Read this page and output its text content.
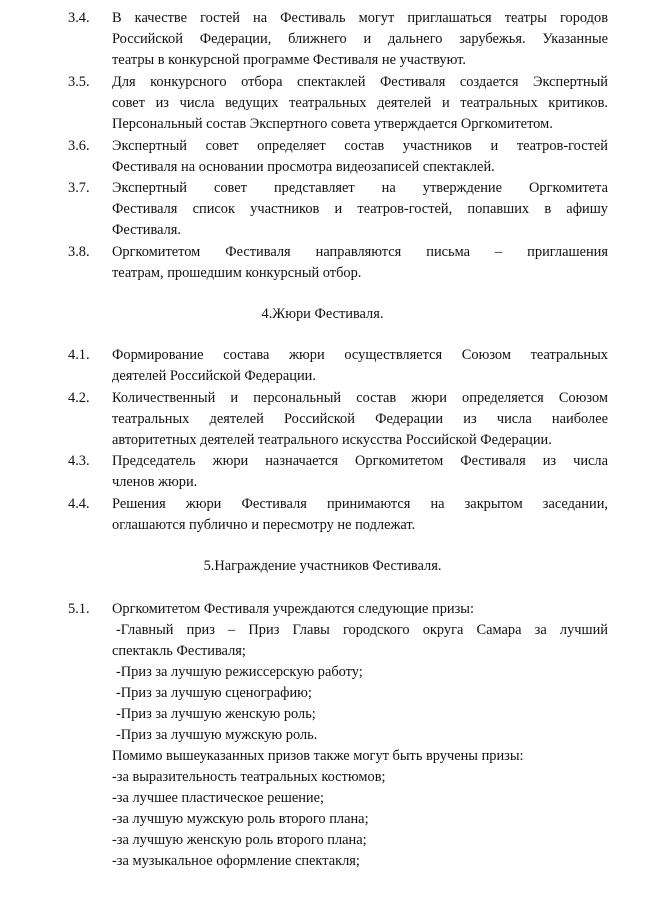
3.4.	В качестве гостей на Фестиваль могут приглашаться театры городов
Российской Федерации, ближнего и дальнего зарубежья. Указанные
театры в конкурсной программе Фестиваля не участвуют.
3.5.	Для конкурсного отбора спектаклей Фестиваля создается Экспертный
совет из числа ведущих театральных деятелей и театральных критиков.
Персональный состав Экспертного совета утверждается Оргкомитетом.
3.6.	Экспертный совет определяет состав участников и театров-гостей
Фестиваля на основании просмотра видеозаписей спектаклей.
3.7.	Экспертный совет представляет на утверждение Оргкомитета
Фестиваля список участников и театров-гостей, попавших в афишу
Фестиваля.
3.8.	Оргкомитетом Фестиваля направляются письма – приглашения
театрам, прошедшим конкурсный отбор.
4.Жюри Фестиваля.
4.1.	Формирование состава жюри осуществляется Союзом театральных
деятелей Российской Федерации.
4.2.	Количественный и персональный состав жюри определяется Союзом
театральных деятелей Российской Федерации из числа наиболее
авторитетных деятелей театрального искусства Российской Федерации.
4.3.	Председатель жюри назначается Оргкомитетом Фестиваля из числа
членов жюри.
4.4.	Решения жюри Фестиваля принимаются на закрытом заседании,
оглашаются публично и пересмотру не подлежат.
5.Награждение участников Фестиваля.
5.1.	Оргкомитетом Фестиваля учреждаются следующие призы:
-Главный приз – Приз Главы городского округа Самара за лучший
спектакль Фестиваля;
-Приз за лучшую режиссерскую работу;
-Приз за лучшую сценографию;
-Приз за лучшую женскую роль;
-Приз за лучшую мужскую роль.
Помимо вышеуказанных призов также могут быть вручены призы:
-за выразительность театральных костюмов;
-за лучшее пластическое решение;
-за лучшую мужскую роль второго плана;
-за лучшую женскую роль второго плана;
-за музыкальное оформление спектакля;
